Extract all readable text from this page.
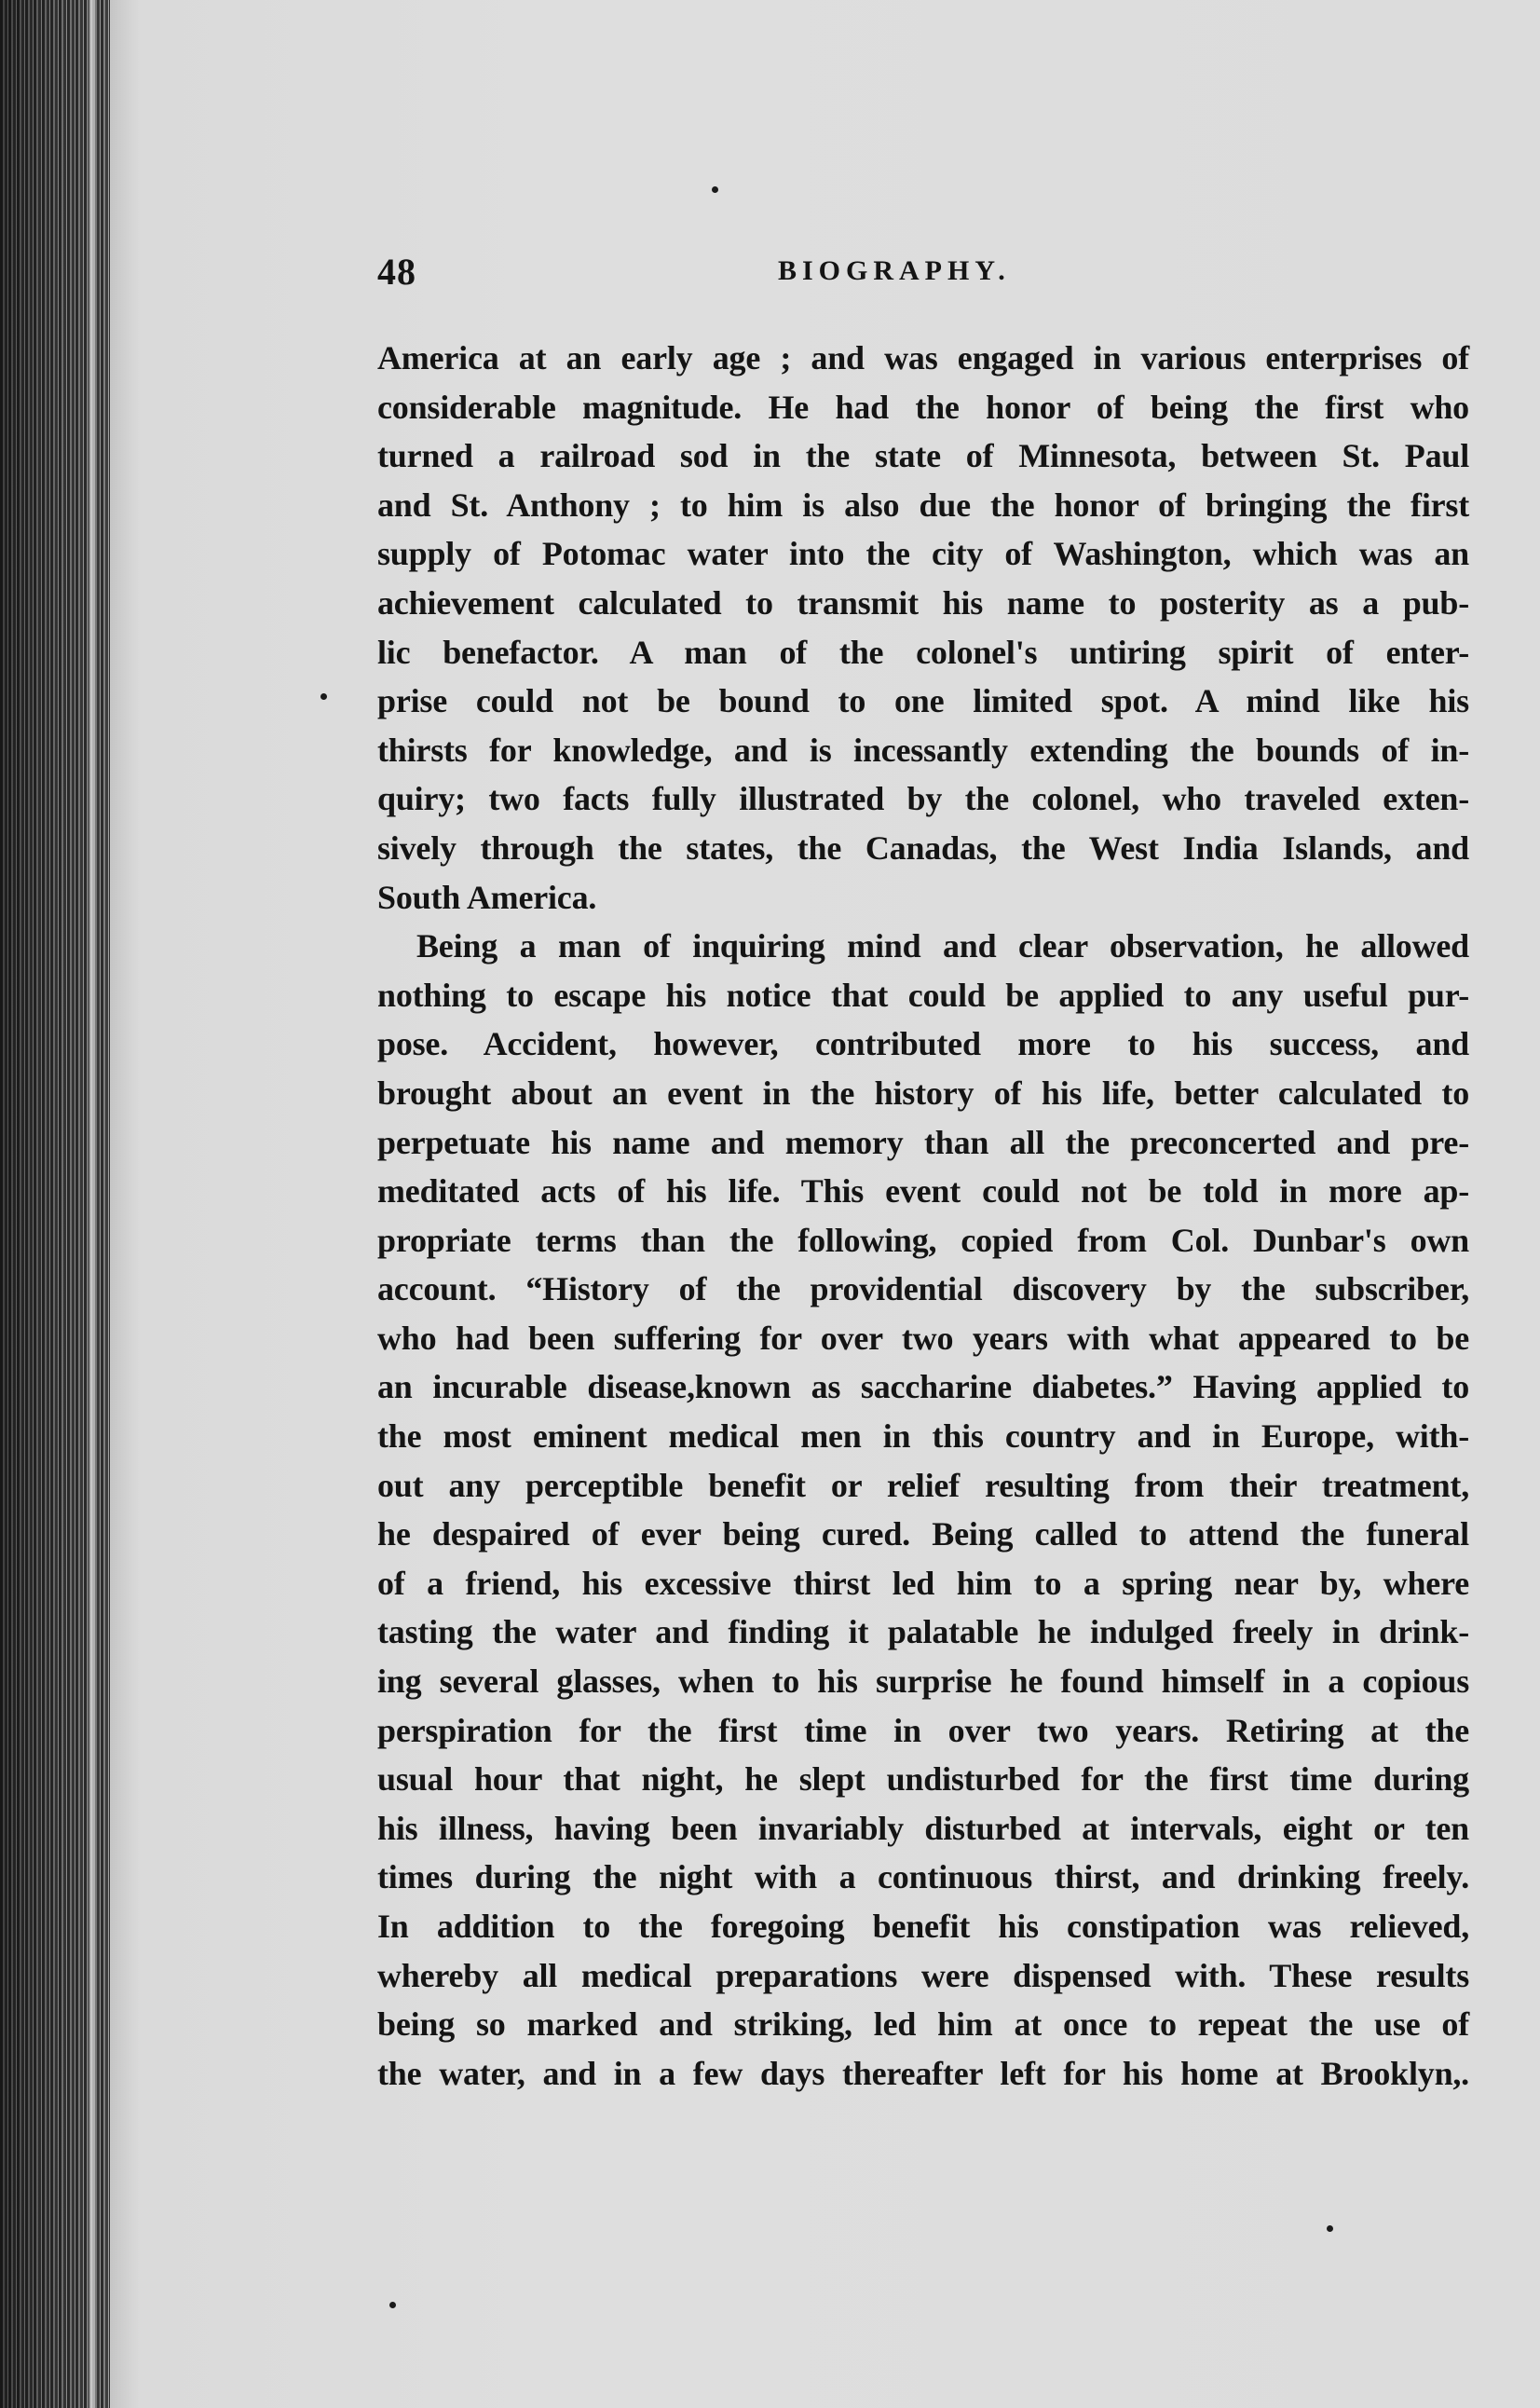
48	BIOGRAPHY.
America at an early age ; and was engaged in various enterprises of
considerable magnitude. He had the honor of being the first who
turned a railroad sod in the state of Minnesota, between St. Paul
and St. Anthony ; to him is also due the honor of bringing the first
supply of Potomac water into the city of Washington, which was an
achievement calculated to transmit his name to posterity as a pub-
lic benefactor. A man of the colonel's untiring spirit of enter-
prise could not be bound to one limited spot. A mind like his
thirsts for knowledge, and is incessantly extending the bounds of in-
quiry; two facts fully illustrated by the colonel, who traveled exten-
sively through the states, the Canadas, the West India Islands, and
South America.
Being a man of inquiring mind and clear observation, he allowed
nothing to escape his notice that could be applied to any useful pur-
pose. Accident, however, contributed more to his success, and
brought about an event in the history of his life, better calculated to
perpetuate his name and memory than all the preconcerted and pre-
meditated acts of his life. This event could not be told in more ap-
propriate terms than the following, copied from Col. Dunbar's own
account. “History of the providential discovery by the subscriber,
who had been suffering for over two years with what appeared to be
an incurable disease,known as saccharine diabetes.” Having applied to
the most eminent medical men in this country and in Europe, with-
out any perceptible benefit or relief resulting from their treatment,
he despaired of ever being cured. Being called to attend the funeral
of a friend, his excessive thirst led him to a spring near by, where
tasting the water and finding it palatable he indulged freely in drink-
ing several glasses, when to his surprise he found himself in a copious
perspiration for the first time in over two years. Retiring at the
usual hour that night, he slept undisturbed for the first time during
his illness, having been invariably disturbed at intervals, eight or ten
times during the night with a continuous thirst, and drinking freely.
In addition to the foregoing benefit his constipation was relieved,
whereby all medical preparations were dispensed with. These results
being so marked and striking, led him at once to repeat the use of
the water, and in a few days thereafter left for his home at Brooklyn,.
